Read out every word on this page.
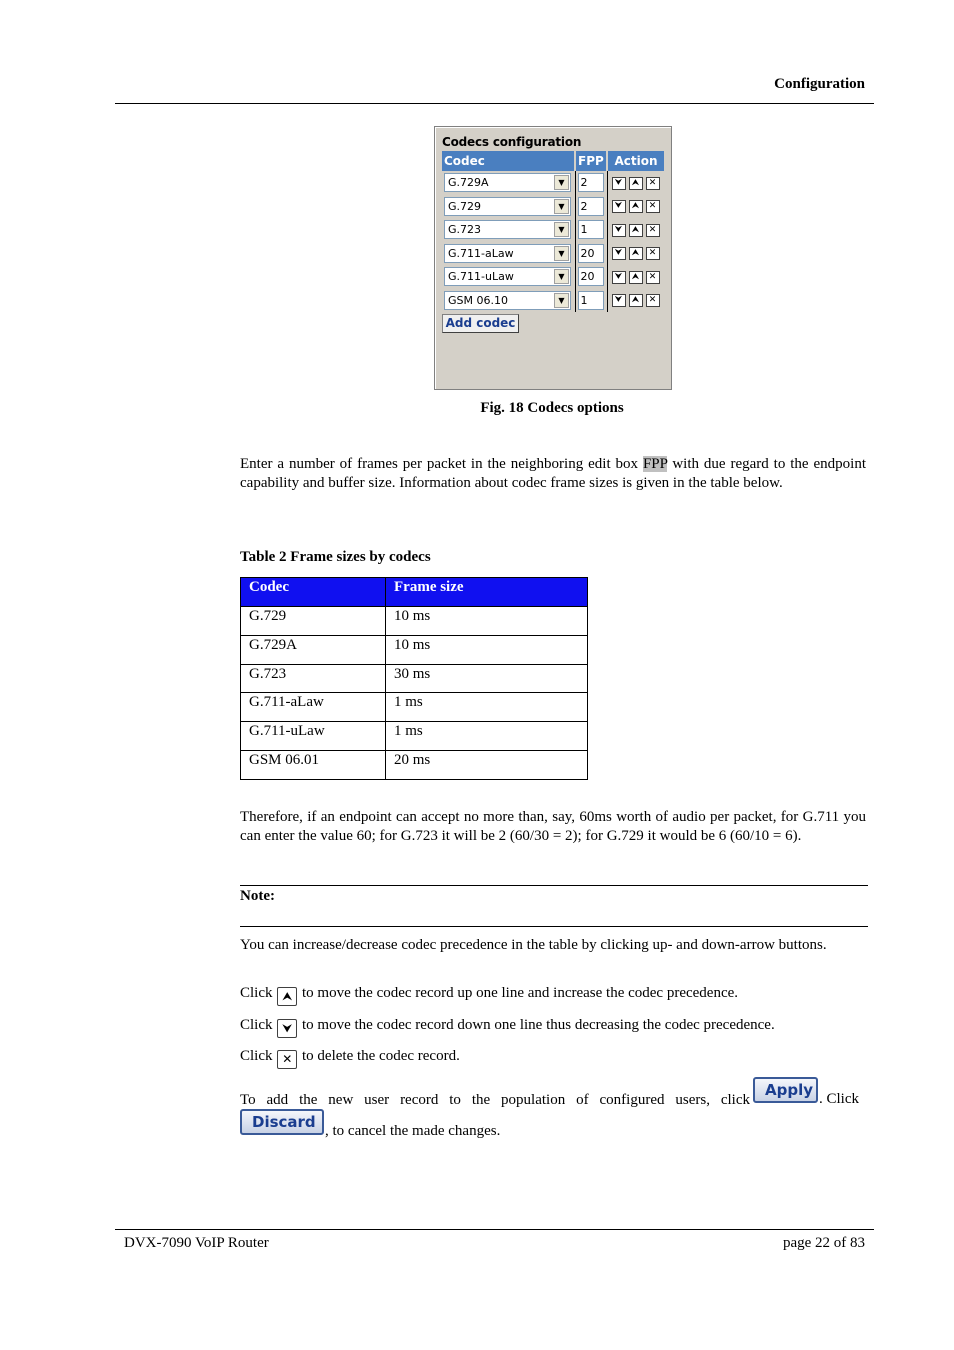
Configuration
Codecs configuration
Codec	FPP	Action

G.729A ▼	2	⮟ ⮝ ✕

G.729 ▼	2	⮟ ⮝ ✕

G.723 ▼	1	⮟ ⮝ ✕

G.711-aLaw ▼	20	⮟ ⮝ ✕

G.711-uLaw ▼	20	⮟ ⮝ ✕

GSM 06.10 ▼	1	⮟ ⮝ ✕
Add codec
Fig. 18 Codecs options
Enter a number of frames per packet in the neighboring edit box FPP with due regard to the endpoint capability and buffer size. Information about codec frame sizes is given in the table below.
Table 2 Frame sizes by codecs
Codec	Frame size
G.729	10 ms
G.729A	10 ms
G.723	30 ms
G.711-aLaw	1 ms
G.711-uLaw	1 ms
GSM 06.01	20 ms
Therefore, if an endpoint can accept no more than, say, 60ms worth of audio per packet, for G.711 you can enter the value 60; for G.723 it will be 2 (60/30 = 2); for G.729 it would be 6 (60/10 = 6).
Note:
You can increase/decrease codec precedence in the table by clicking up- and down-arrow buttons.
Click ⮝ to move the codec record up one line and increase the codec precedence.
Click ⮟ to move the codec record down one line thus decreasing the codec precedence.
Click ✕ to delete the codec record.
To add the new user record to the population of configured users, click
Apply . Click
Discard , to cancel the made changes.
DVX-7090 VoIP Router	page 22 of 83
